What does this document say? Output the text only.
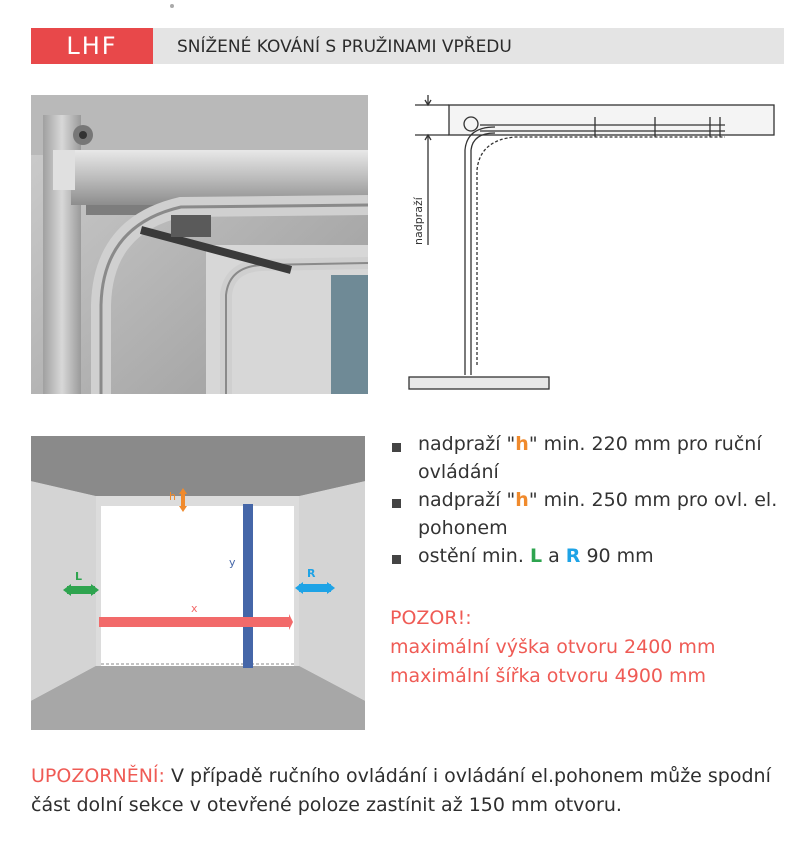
LHF	SNÍŽENÉ KOVÁNÍ S PRUŽINAMI VPŘEDU
nadpraží
h
y
x
L	R
nadpraží "h" min. 220 mm pro ruční ovládání
nadpraží "h" min. 250 mm pro ovl. el. pohonem
ostění min. L a R 90 mm
POZOR!:
maximální výška otvoru 2400 mm
maximální šířka otvoru 4900 mm
UPOZORNĚNÍ: V případě ručního ovládání i ovládání el.pohonem může spodní část dolní sekce v otevřené poloze zastínit až 150 mm otvoru.
